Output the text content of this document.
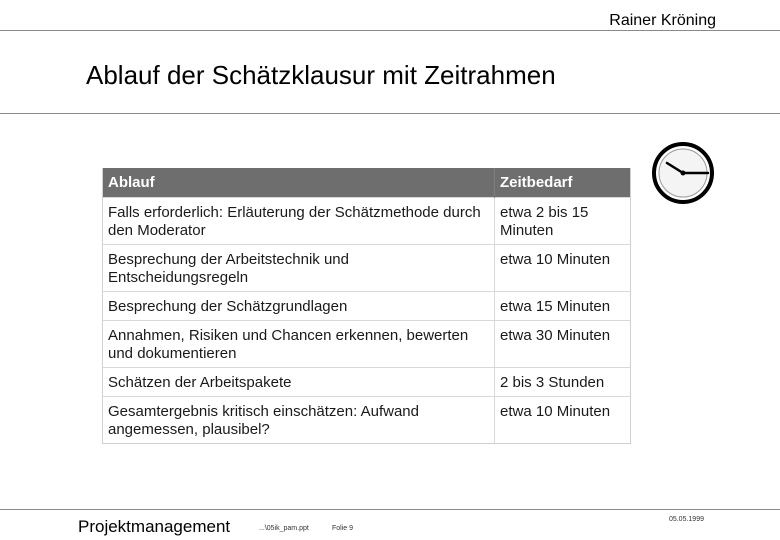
Rainer Kröning
Ablauf der Schätzklausur mit Zeitrahmen
Ablauf	Zeitbedarf
Falls erforderlich: Erläuterung der Schätzmethode durch den Moderator	etwa 2 bis 15 Minuten
Besprechung der Arbeitstechnik und Entscheidungsregeln	etwa 10 Minuten
Besprechung der Schätzgrundlagen	etwa 15 Minuten
Annahmen, Risiken und Chancen erkennen, bewerten und dokumentieren	etwa 30 Minuten
Schätzen der Arbeitspakete	2 bis 3 Stunden
Gesamtergebnis kritisch einschätzen: Aufwand angemessen, plausibel?	etwa 10 Minuten
Projektmanagement	...\05ik_pam.ppt	Folie 9
05.05.1999
